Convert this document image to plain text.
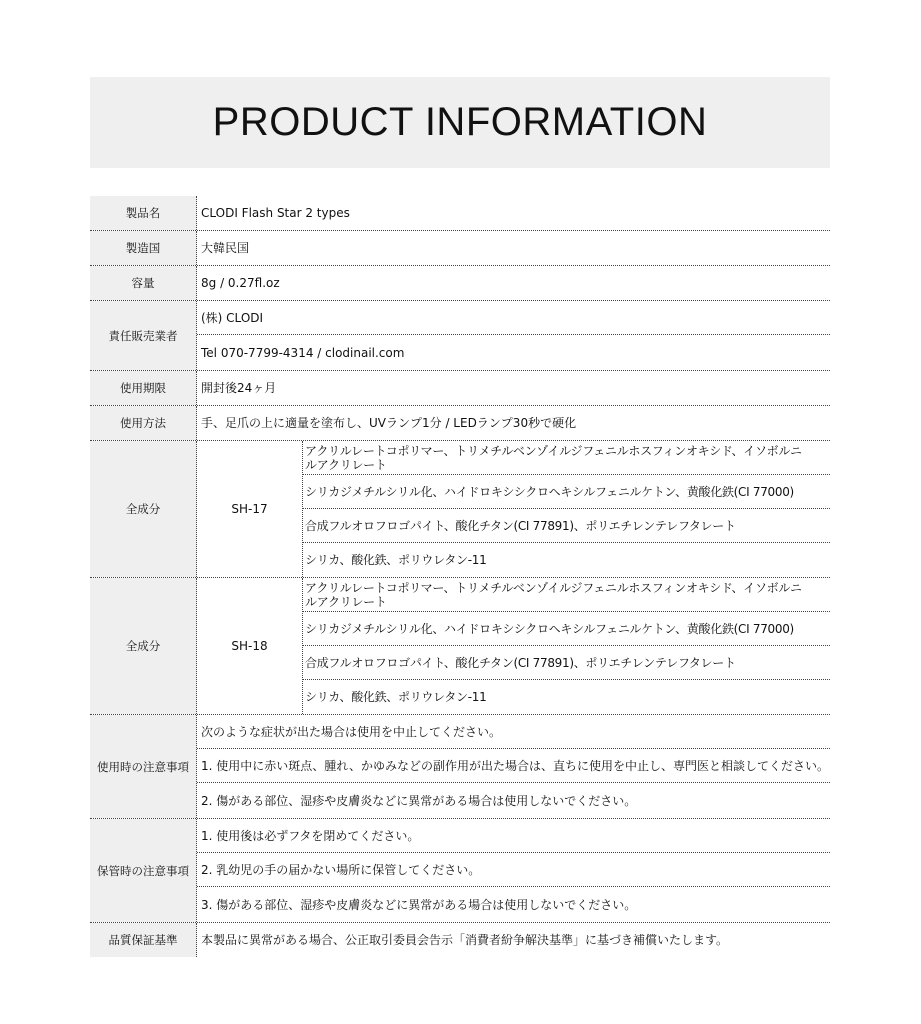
PRODUCT INFORMATION
製品名	CLODI Flash Star 2 types
製造国	大韓民国
容量	8g / 0.27fl.oz
責任販売業者
(株) CLODI
Tel 070-7799-4314 / clodinail.com
使用期限	開封後24ヶ月
使用方法	手、足爪の上に適量を塗布し、UVランプ1分 / LEDランプ30秒で硬化
全成分	SH-17
アクリルレートコポリマー、トリメチルベンゾイルジフェニルホスフィンオキシド、イソボルニ
ルアクリレート
シリカジメチルシリル化、ハイドロキシシクロヘキシルフェニルケトン、黄酸化鉄(CI 77000)
合成フルオロフロゴパイト、酸化チタン(CI 77891)、ポリエチレンテレフタレート
シリカ、酸化鉄、ポリウレタン-11
全成分	SH-18
アクリルレートコポリマー、トリメチルベンゾイルジフェニルホスフィンオキシド、イソボルニ
ルアクリレート
シリカジメチルシリル化、ハイドロキシシクロヘキシルフェニルケトン、黄酸化鉄(CI 77000)
合成フルオロフロゴパイト、酸化チタン(CI 77891)、ポリエチレンテレフタレート
シリカ、酸化鉄、ポリウレタン-11
使用時の注意事項
次のような症状が出た場合は使用を中止してください。
1. 使用中に赤い斑点、腫れ、かゆみなどの副作用が出た場合は、直ちに使用を中止し、専門医と相談してください。
2. 傷がある部位、湿疹や皮膚炎などに異常がある場合は使用しないでください。
保管時の注意事項
1. 使用後は必ずフタを閉めてください。
2. 乳幼児の手の届かない場所に保管してください。
3. 傷がある部位、湿疹や皮膚炎などに異常がある場合は使用しないでください。
品質保証基準	本製品に異常がある場合、公正取引委員会告示「消費者紛争解決基準」に基づき補償いたします。
